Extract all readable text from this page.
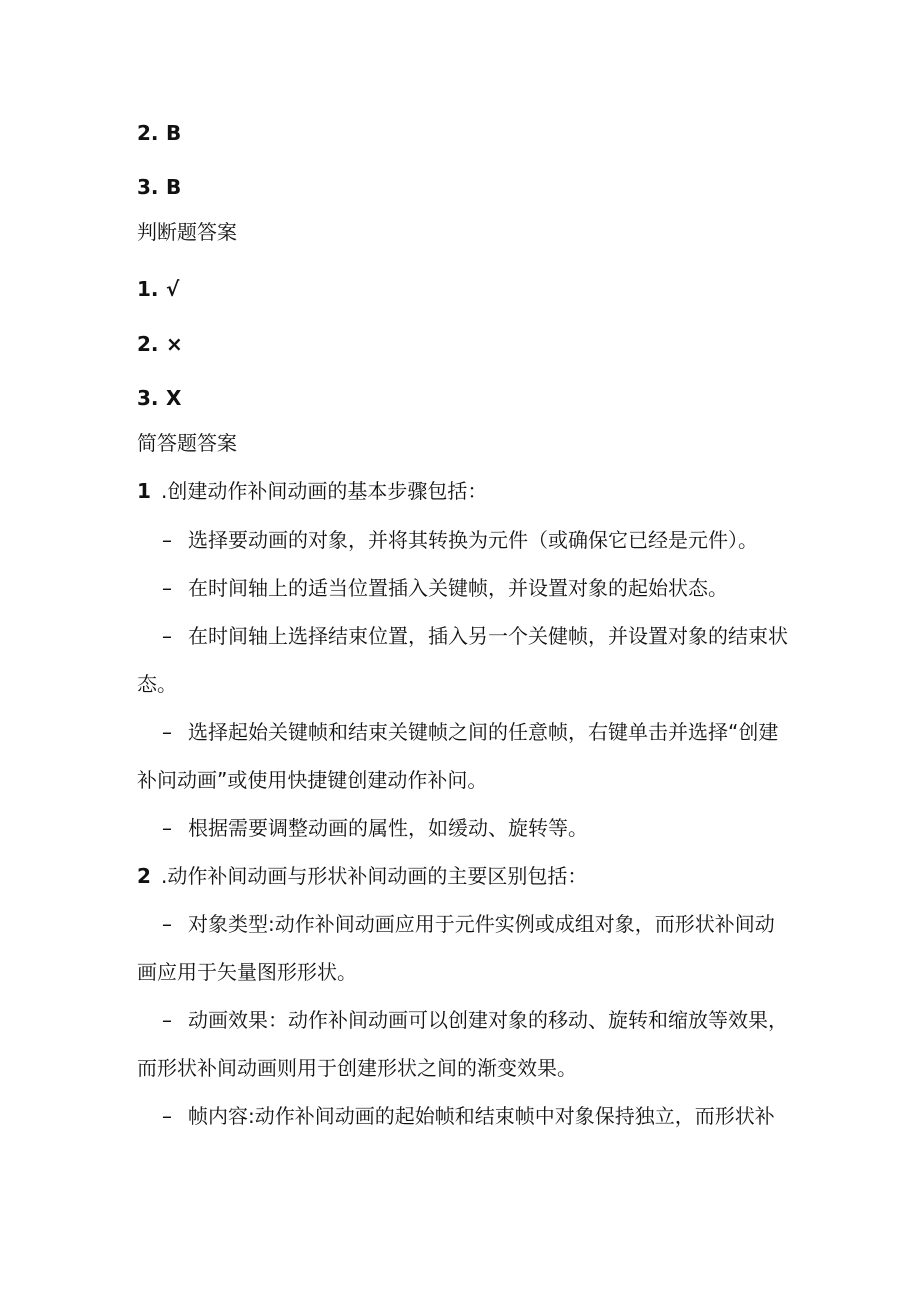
2. B
3. B
判断题答案
1. √
2. ×
3. X
简答题答案
1 .创建动作补间动画的基本步骤包括：
– 选择要动画的对象，并将其转换为元件（或确保它已经是元件）。
– 在时间轴上的适当位置插入关键帧，并设置对象的起始状态。
– 在时间轴上选择结束位置，插入另一个关健帧，并设置对象的结束状
态。
– 选择起始关键帧和结束关键帧之间的任意帧，右键单击并选择“创建
补问动画”或使用快捷键创建动作补问。
– 根据需要调整动画的属性，如缓动、旋转等。
2 .动作补间动画与形状补间动画的主要区别包括：
– 对象类型:动作补间动画应用于元件实例或成组对象，而形状补间动
画应用于矢量图形形状。
– 动画效果：动作补间动画可以创建对象的移动、旋转和缩放等效果，
而形状补间动画则用于创建形状之间的渐变效果。
– 帧内容:动作补间动画的起始帧和结束帧中对象保持独立，而形状补
